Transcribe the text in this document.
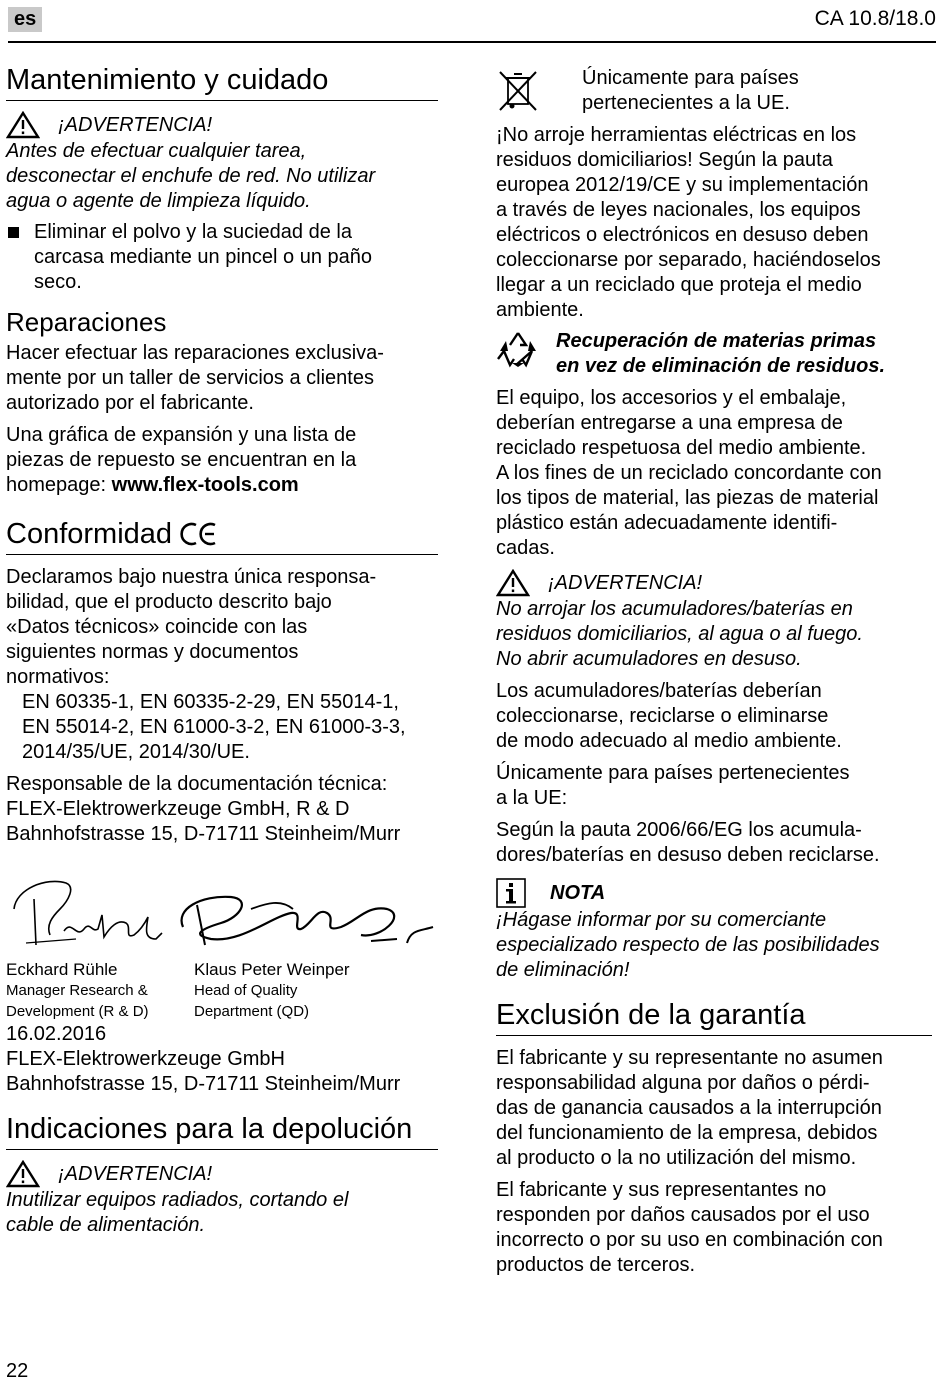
es	CA 10.8/18.0
Mantenimiento y cuidado
¡ADVERTENCIA!

Antes de efectuar cualquier tarea,

desconectar el enchufe de red. No utilizar

agua o agente de limpieza líquido.

Eliminar el polvo y la suciedad de la

carcasa mediante un pincel o un paño

seco.

Reparaciones

Hacer efectuar las reparaciones exclusiva-

mente por un taller de servicios a clientes

autorizado por el fabricante.

Una gráfica de expansión y una lista de

piezas de repuesto se encuentran en la

homepage: www.flex-tools.com

Conformidad

Declaramos bajo nuestra única responsa-

bilidad, que el producto descrito bajo

«Datos técnicos» coincide con las

siguientes normas y documentos

normativos:

EN 60335-1, EN 60335-2-29, EN 55014-1,

EN 55014-2, EN 61000-3-2, EN 61000-3-3,

2014/35/UE, 2014/30/UE.

Responsable de la documentación técnica:

FLEX-Elektrowerkzeuge GmbH, R & D

Bahnhofstrasse 15, D-71711 Steinheim/Murr

Eckhard Rühle
Manager Research &
Development (R & D)
Klaus Peter Weinper
Head of Quality
Department (QD)

16.02.2016

FLEX-Elektrowerkzeuge GmbH

Bahnhofstrasse 15, D-71711 Steinheim/Murr

Indicaciones para la depolución
¡ADVERTENCIA!

Inutilizar equipos radiados, cortando el

cable de alimentación.

Únicamente para países

pertenecientes a la UE.

¡No arroje herramientas eléctricas en los

residuos domiciliarios! Según la pauta

europea 2012/19/CE y su implementación

a través de leyes nacionales, los equipos

eléctricos o electrónicos en desuso deben

coleccionarse por separado, haciéndoselos

llegar a un reciclado que proteja el medio

ambiente.

Recuperación de materias primas

en vez de eliminación de residuos.

El equipo, los accesorios y el embalaje,

deberían entregarse a una empresa de

reciclado respetuosa del medio ambiente.

A los fines de un reciclado concordante con

los tipos de material, las piezas de material

plástico están adecuadamente identifi-

cadas.

¡ADVERTENCIA!

No arrojar los acumuladores/baterías en

residuos domiciliarios, al agua o al fuego.

No abrir acumuladores en desuso.

Los acumuladores/baterías deberían

coleccionarse, reciclarse o eliminarse

de modo adecuado al medio ambiente.

Únicamente para países pertenecientes

a la UE:

Según la pauta 2006/66/EG los acumula-

dores/baterías en desuso deben reciclarse.

NOTA

¡Hágase informar por su comerciante

especializado respecto de las posibilidades

de eliminación!

Exclusión de la garantía

El fabricante y su representante no asumen

responsabilidad alguna por daños o pérdi-

das de ganancia causados a la interrupción

del funcionamiento de la empresa, debidos

al producto o la no utilización del mismo.

El fabricante y sus representantes no

responden por daños causados por el uso

incorrecto o por su uso en combinación con

productos de terceros.

22
